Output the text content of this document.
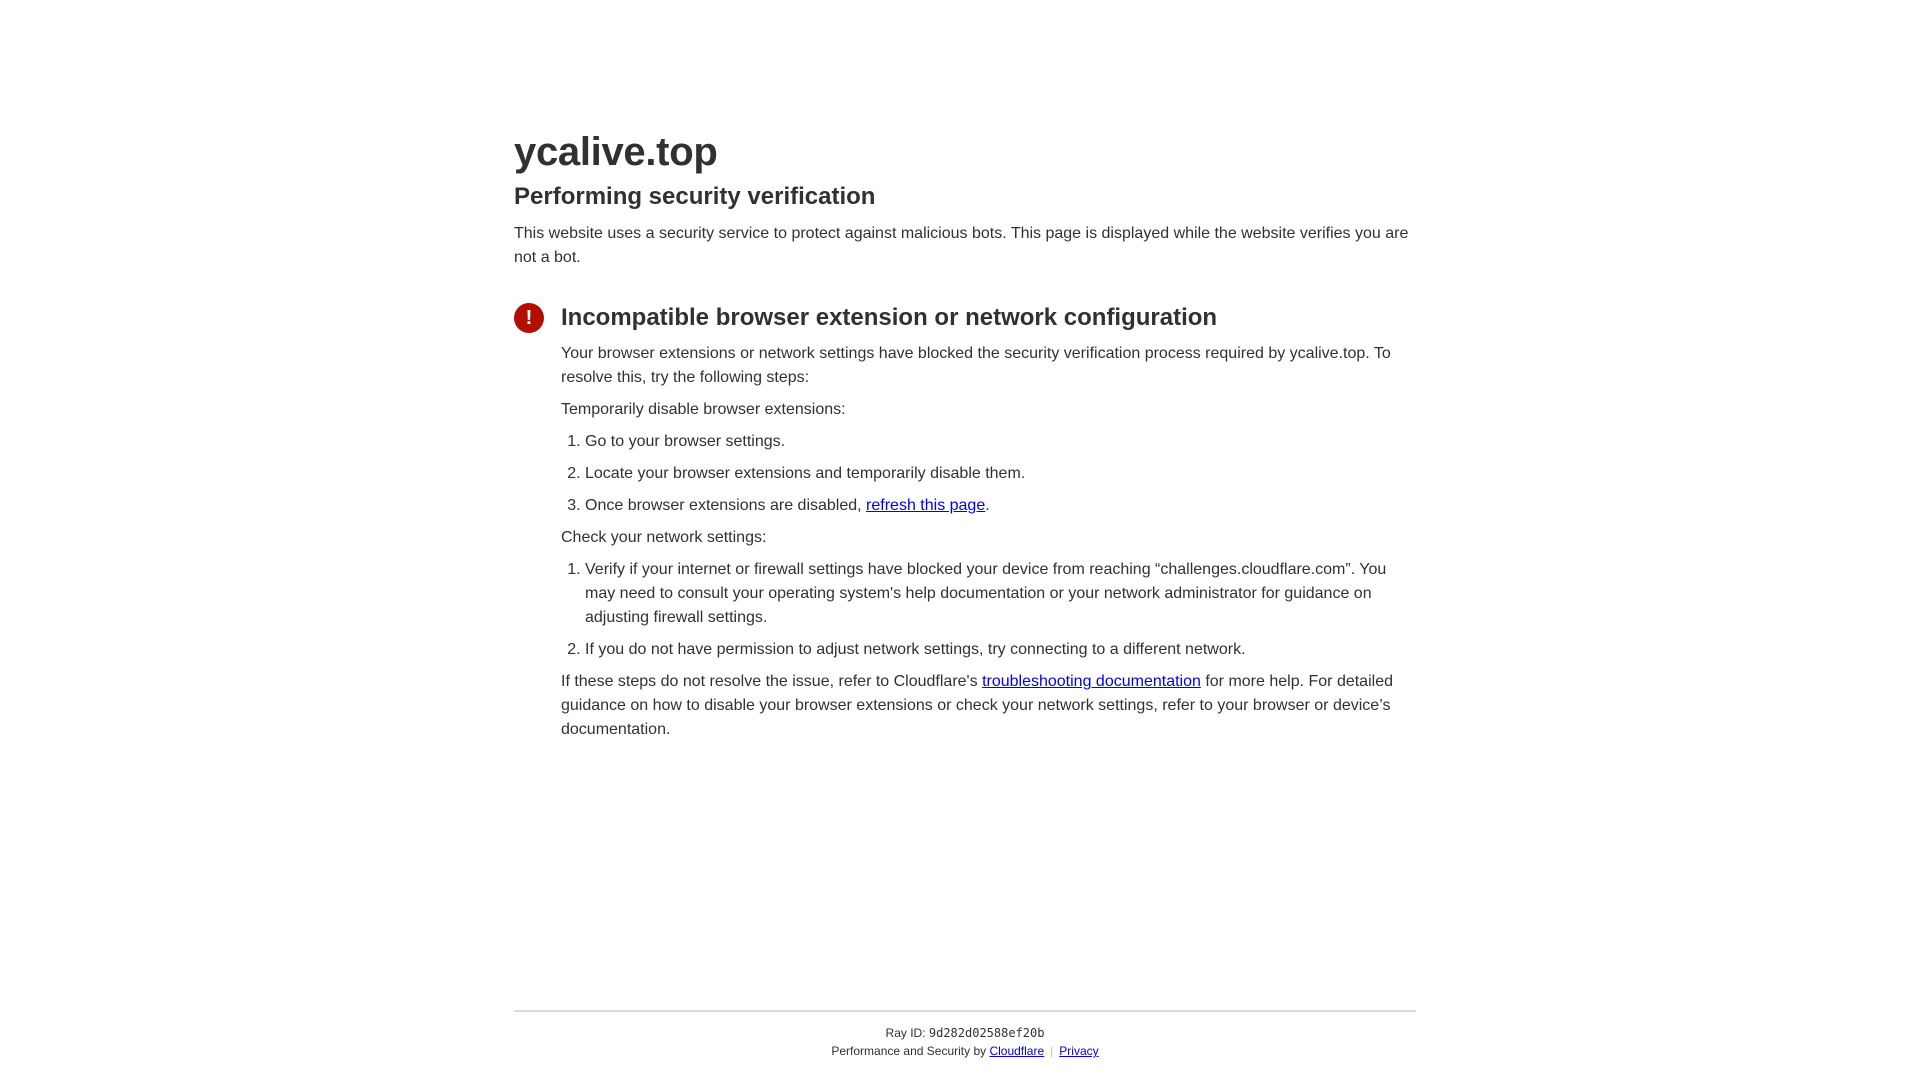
ycalive.top
Performing security verification

This website uses a security service to protect against malicious bots. This page is displayed while the website verifies you are not a bot.

!	Incompatible browser extension or network configuration

Your browser extensions or network settings have blocked the security verification process required by ycalive.top. To resolve this, try the following steps:

Temporarily disable browser extensions:

1. Go to your browser settings.
2. Locate your browser extensions and temporarily disable them.
3. Once browser extensions are disabled, refresh this page.

Check your network settings:

1. Verify if your internet or firewall settings have blocked your device from reaching “challenges.cloudflare.com”. You may need to consult your operating system's help documentation or your network administrator for guidance on adjusting firewall settings.
2. If you do not have permission to adjust network settings, try connecting to a different network.

If these steps do not resolve the issue, refer to Cloudflare's troubleshooting documentation for more help. For detailed guidance on how to disable your browser extensions or check your network settings, refer to your browser or device’s documentation.

Ray ID: 9d282d02588ef20b
Performance and Security by Cloudflare | Privacy
